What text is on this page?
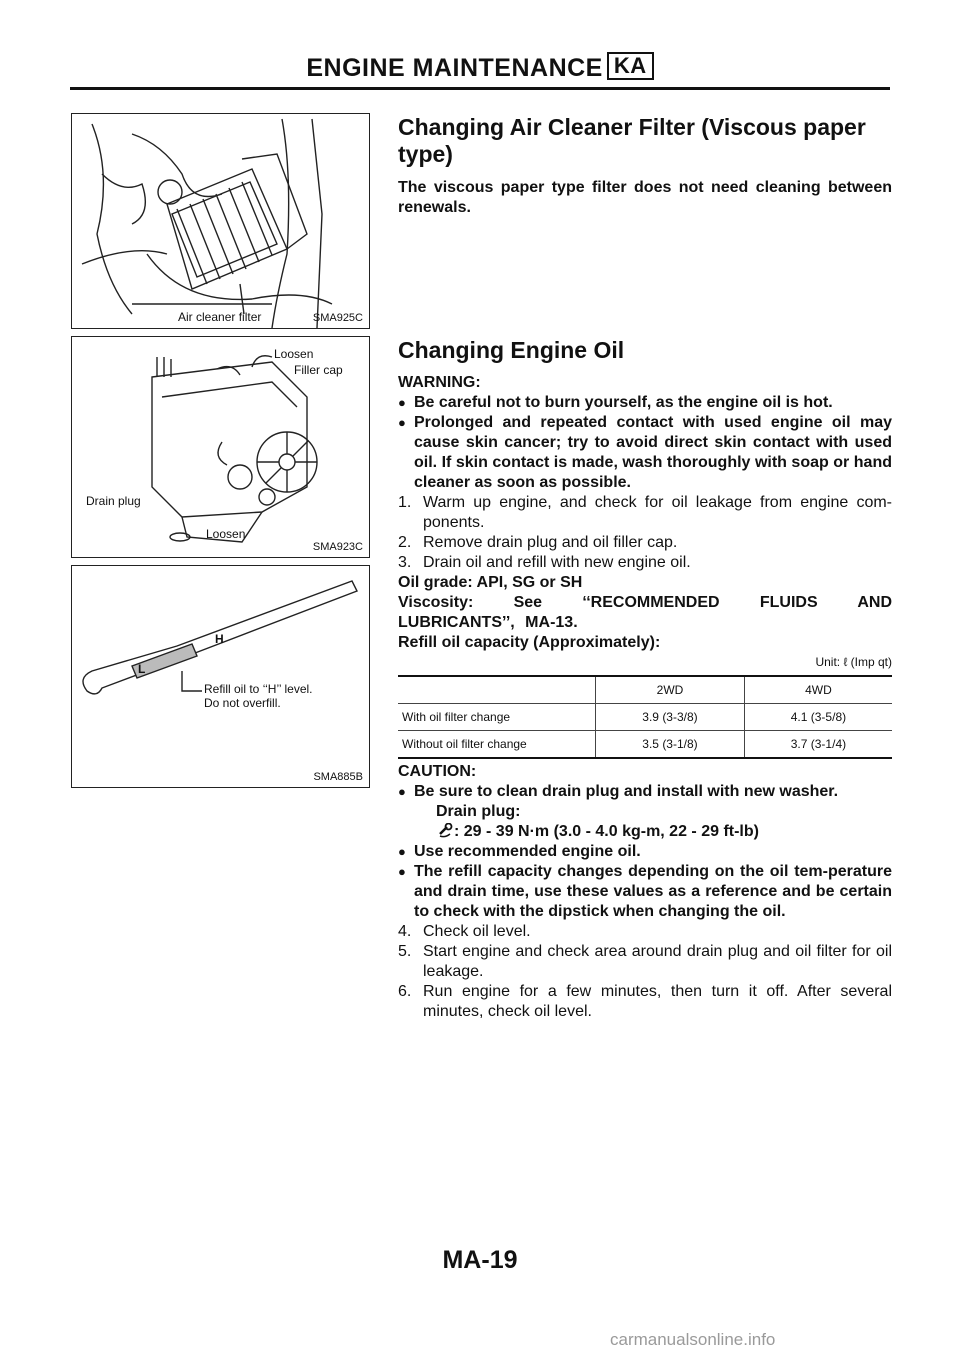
ENGINE MAINTENANCE KA
Air cleaner filter	SMA925C
Loosen
Filler cap
Drain plug
Loosen
SMA923C
L
H
Refill oil to ‘‘H’’ level.
Do not overfill.
SMA885B
Changing Air Cleaner Filter (Viscous paper type)
The viscous paper type filter does not need cleaning between renewals.
Changing Engine Oil
WARNING:
● Be careful not to burn yourself, as the engine oil is hot.
● Prolonged and repeated contact with used engine oil may cause skin cancer; try to avoid direct skin contact with used oil. If skin contact is made, wash thoroughly with soap or hand cleaner as soon as possible.
1. Warm up engine, and check for oil leakage from engine com-ponents.
2. Remove drain plug and oil filler cap.
3. Drain oil and refill with new engine oil.
Oil grade: API, SG or SH
Viscosity: See ‘‘RECOMMENDED FLUIDS AND LUBRICANTS’’, MA-13.
Refill oil capacity (Approximately):
Unit: ℓ (Imp qt)
	2WD	4WD
With oil filter change	3.9 (3-3/8)	4.1 (3-5/8)
Without oil filter change	3.5 (3-1/8)	3.7 (3-1/4)
CAUTION:
● Be sure to clean drain plug and install with new washer.
Drain plug:
: 29 - 39 N·m (3.0 - 4.0 kg-m, 22 - 29 ft-lb)
● Use recommended engine oil.
● The refill capacity changes depending on the oil tem-perature and drain time, use these values as a reference and be certain to check with the dipstick when changing the oil.
4. Check oil level.
5. Start engine and check area around drain plug and oil filter for oil leakage.
6. Run engine for a few minutes, then turn it off. After several minutes, check oil level.
MA-19
carmanualsonline.info
